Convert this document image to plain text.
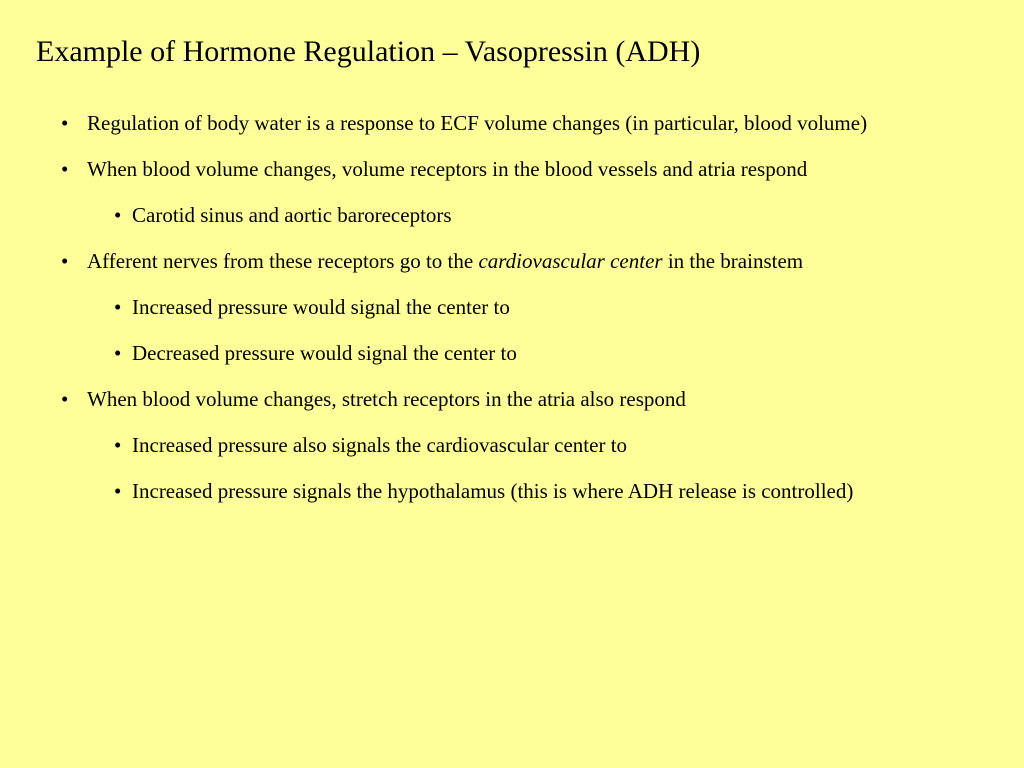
Example of Hormone Regulation – Vasopressin (ADH)
• Regulation of body water is a response to ECF volume changes (in particular, blood volume)
• When blood volume changes, volume receptors in the blood vessels and atria respond
• Carotid sinus and aortic baroreceptors
• Afferent nerves from these receptors go to the cardiovascular center in the brainstem
• Increased pressure would signal the center to
• Decreased pressure would signal the center to
• When blood volume changes, stretch receptors in the atria also respond
• Increased pressure also signals the cardiovascular center to
• Increased pressure signals the hypothalamus (this is where ADH release is controlled)
